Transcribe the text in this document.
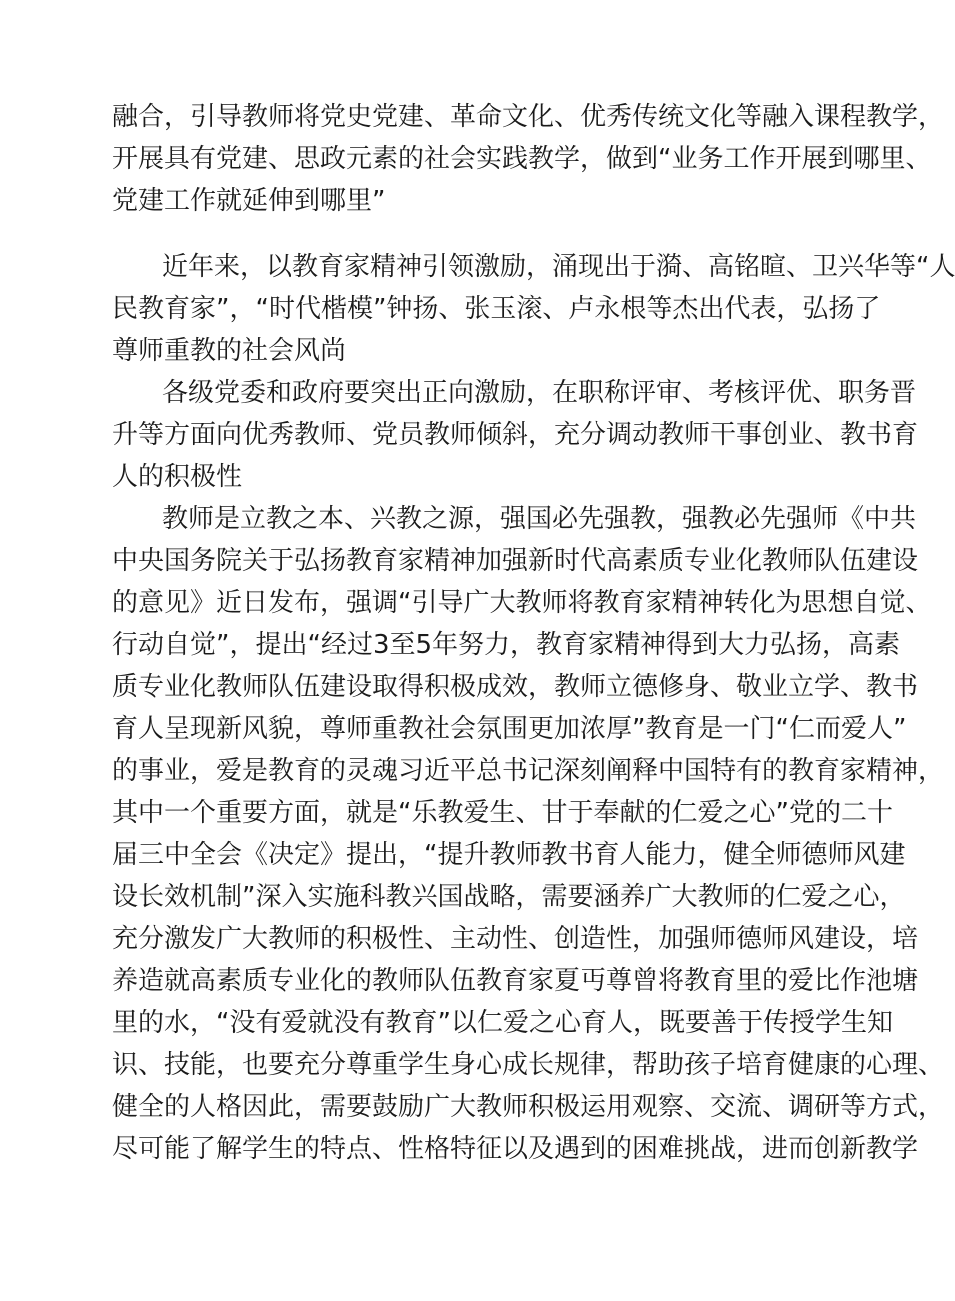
融合，引导教师将党史党建、革命文化、优秀传统文化等融入课程教学，
开展具有党建、思政元素的社会实践教学，做到“业务工作开展到哪里、
党建工作就延伸到哪里”
近年来，以教育家精神引领激励，涌现出于漪、高铭暄、卫兴华等“人
民教育家”，“时代楷模”钟扬、张玉滚、卢永根等杰出代表，弘扬了
尊师重教的社会风尚
各级党委和政府要突出正向激励，在职称评审、考核评优、职务晋
升等方面向优秀教师、党员教师倾斜，充分调动教师干事创业、教书育
人的积极性
教师是立教之本、兴教之源，强国必先强教，强教必先强师《中共
中央国务院关于弘扬教育家精神加强新时代高素质专业化教师队伍建设
的意见》近日发布，强调“引导广大教师将教育家精神转化为思想自觉、
行动自觉”，提出“经过3至5年努力，教育家精神得到大力弘扬，高素
质专业化教师队伍建设取得积极成效，教师立德修身、敬业立学、教书
育人呈现新风貌，尊师重教社会氛围更加浓厚”教育是一门“仁而爱人”
的事业，爱是教育的灵魂习近平总书记深刻阐释中国特有的教育家精神，
其中一个重要方面，就是“乐教爱生、甘于奉献的仁爱之心”党的二十
届三中全会《决定》提出，“提升教师教书育人能力，健全师德师风建
设长效机制”深入实施科教兴国战略，需要涵养广大教师的仁爱之心，
充分激发广大教师的积极性、主动性、创造性，加强师德师风建设，培
养造就高素质专业化的教师队伍教育家夏丏尊曾将教育里的爱比作池塘
里的水，“没有爱就没有教育”以仁爱之心育人，既要善于传授学生知
识、技能，也要充分尊重学生身心成长规律，帮助孩子培育健康的心理、
健全的人格因此，需要鼓励广大教师积极运用观察、交流、调研等方式，
尽可能了解学生的特点、性格特征以及遇到的困难挑战，进而创新教学
